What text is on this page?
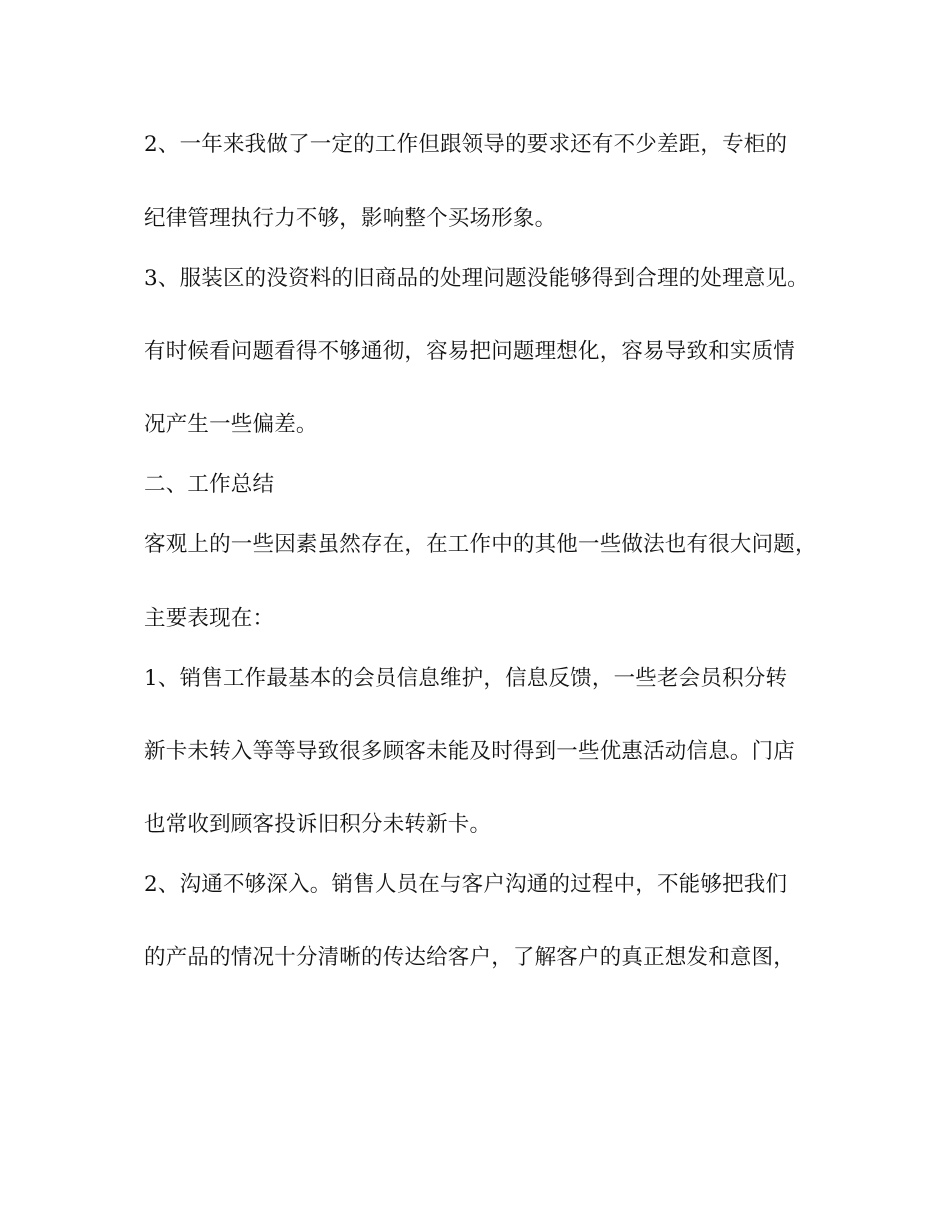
2、一年来我做了一定的工作但跟领导的要求还有不少差距，专柜的

纪律管理执行力不够，影响整个买场形象。

3、服装区的没资料的旧商品的处理问题没能够得到合理的处理意见。

有时候看问题看得不够通彻，容易把问题理想化，容易导致和实质情

况产生一些偏差。

二、工作总结

客观上的一些因素虽然存在，在工作中的其他一些做法也有很大问题，

主要表现在：

1、销售工作最基本的会员信息维护，信息反馈，一些老会员积分转

新卡未转入等等导致很多顾客未能及时得到一些优惠活动信息。门店

也常收到顾客投诉旧积分未转新卡。

2、沟通不够深入。销售人员在与客户沟通的过程中，不能够把我们

的产品的情况十分清晰的传达给客户，了解客户的真正想发和意图，
